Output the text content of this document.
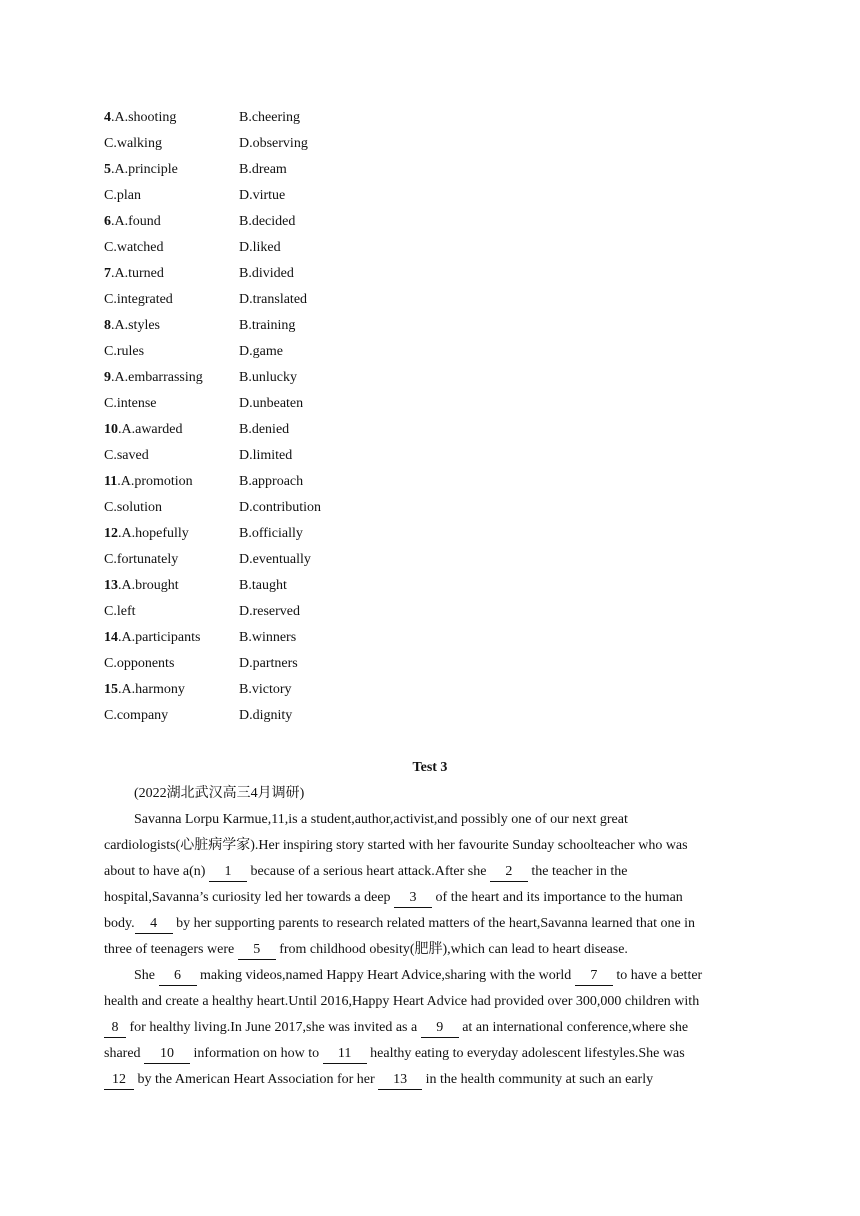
4.A.shooting	B.cheering
C.walking	D.observing
5.A.principle	B.dream
C.plan	D.virtue
6.A.found	B.decided
C.watched	D.liked
7.A.turned	B.divided
C.integrated	D.translated
8.A.styles	B.training
C.rules	D.game
9.A.embarrassing	B.unlucky
C.intense	D.unbeaten
10.A.awarded	B.denied
C.saved	D.limited
11.A.promotion	B.approach
C.solution	D.contribution
12.A.hopefully	B.officially
C.fortunately	D.eventually
13.A.brought	B.taught
C.left	D.reserved
14.A.participants	B.winners
C.opponents	D.partners
15.A.harmony	B.victory
C.company	D.dignity
Test 3
(2022湖北武汉高三4月调研)
Savanna Lorpu Karmue,11,is a student,author,activist,and possibly one of our next great
cardiologists(心脏病学家).Her inspiring story started with her favourite Sunday schoolteacher who was
about to have a(n) 1 because of a serious heart attack.After she 2 the teacher in the
hospital,Savanna’s curiosity led her towards a deep 3 of the heart and its importance to the human
body. 4 by her supporting parents to research related matters of the heart,Savanna learned that one in
three of teenagers were 5 from childhood obesity(肥胖),which can lead to heart disease.
She 6 making videos,named Happy Heart Advice,sharing with the world 7 to have a better
health and create a healthy heart.Until 2016,Happy Heart Advice had provided over 300,000 children with
8 for healthy living.In June 2017,she was invited as a 9 at an international conference,where she
shared 10 information on how to 11 healthy eating to everyday adolescent lifestyles.She was
12 by the American Heart Association for her 13 in the health community at such an early
